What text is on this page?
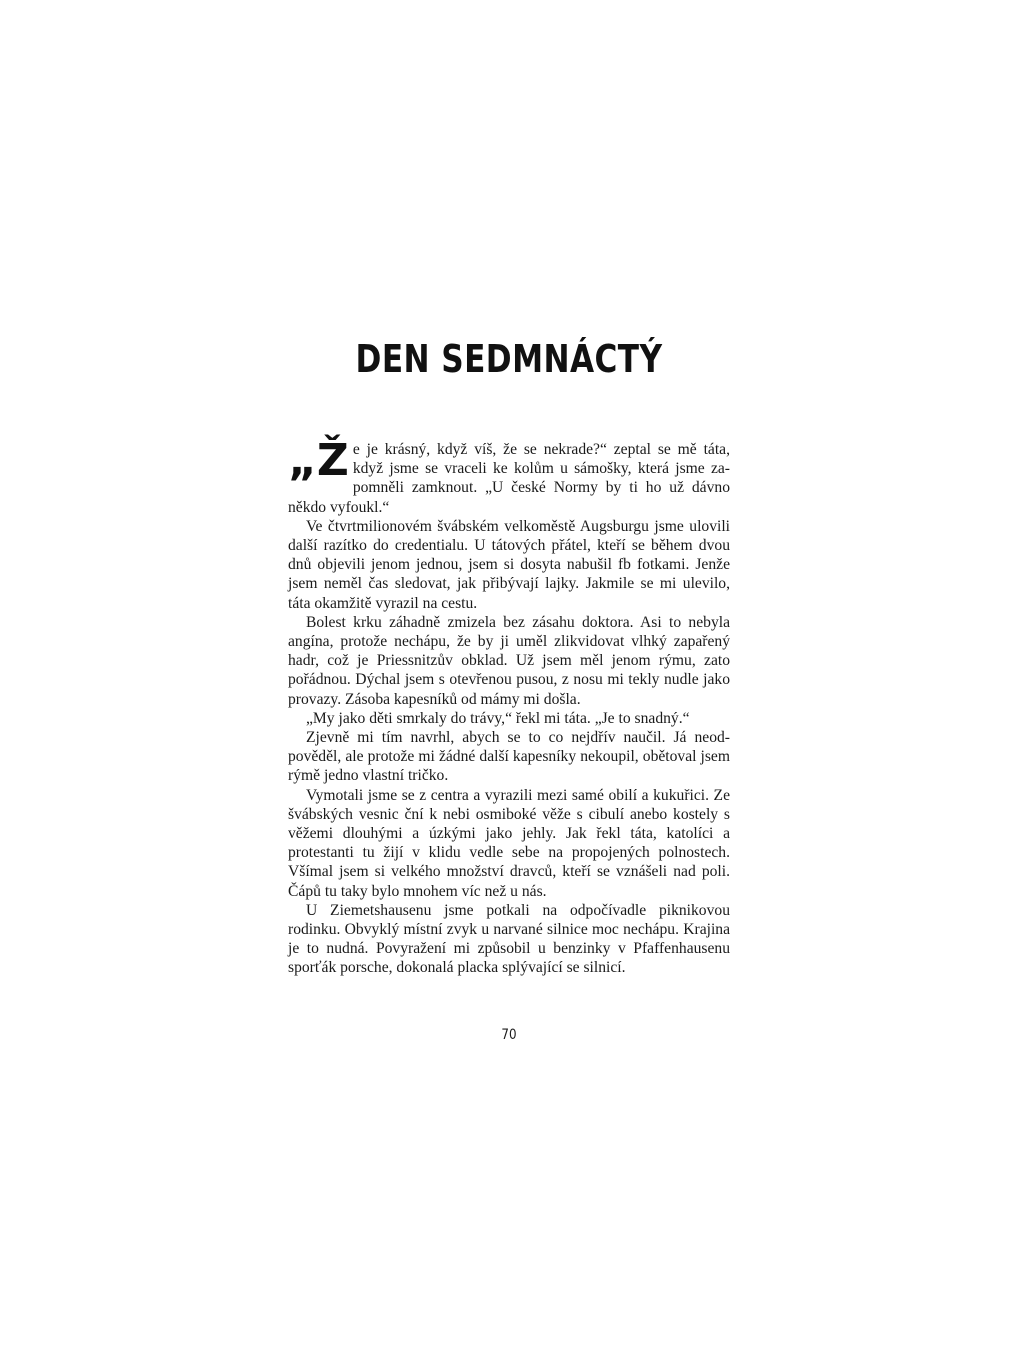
DEN SEDMNÁCTÝ

„Že je krásný, když víš, že se nekrade?“ zeptal se mě táta, když jsme se vraceli ke kolům u sámošky, která jsme zapomněli zamknout. „U české Normy by ti ho už dávno někdo vyfoukl.“

Ve čtvrtmilionovém švábském velkoměstě Augsburgu jsme ulovili další razítko do credentialu. U tátových přátel, kteří se během dvou dnů objevili jenom jednou, jsem si dosyta nabušil fb fotkami. Jenže jsem neměl čas sledovat, jak přibývají lajky. Jakmile se mi ulevilo, táta okamžitě vyrazil na cestu.

Bolest krku záhadně zmizela bez zásahu doktora. Asi to nebyla angína, protože nechápu, že by ji uměl zlikvidovat vlhký zapařený hadr, což je Priessnitzův obklad. Už jsem měl jenom rýmu, zato pořádnou. Dýchal jsem s otevřenou pusou, z nosu mi tekly nudle jako provazy. Zásoba kapesníků od mámy mi došla.

„My jako děti smrkaly do trávy,“ řekl mi táta. „Je to snadný.“

Zjevně mi tím navrhl, abych se to co nejdřív naučil. Já neodpověděl, ale protože mi žádné další kapesníky nekoupil, obětoval jsem rýmě jedno vlastní tričko.

Vymotali jsme se z centra a vyrazili mezi samé obilí a kukuřici. Ze švábských vesnic ční k nebi osmiboké věže s cibulí anebo kostely s věžemi dlouhými a úzkými jako jehly. Jak řekl táta, katolíci a protestanti tu žijí v klidu vedle sebe na propojených polnostech. Všímal jsem si velkého množství dravců, kteří se vznášeli nad poli. Čápů tu taky bylo mnohem víc než u nás.

U Ziemetshausenu jsme potkali na odpočívadle piknikovou rodinku. Obvyklý místní zvyk u narvané silnice moc nechápu. Krajina je to nudná. Povyražení mi způsobil u benzinky v Pfaffenhausenu sporťák porsche, dokonalá placka splývající se silnicí.

70
